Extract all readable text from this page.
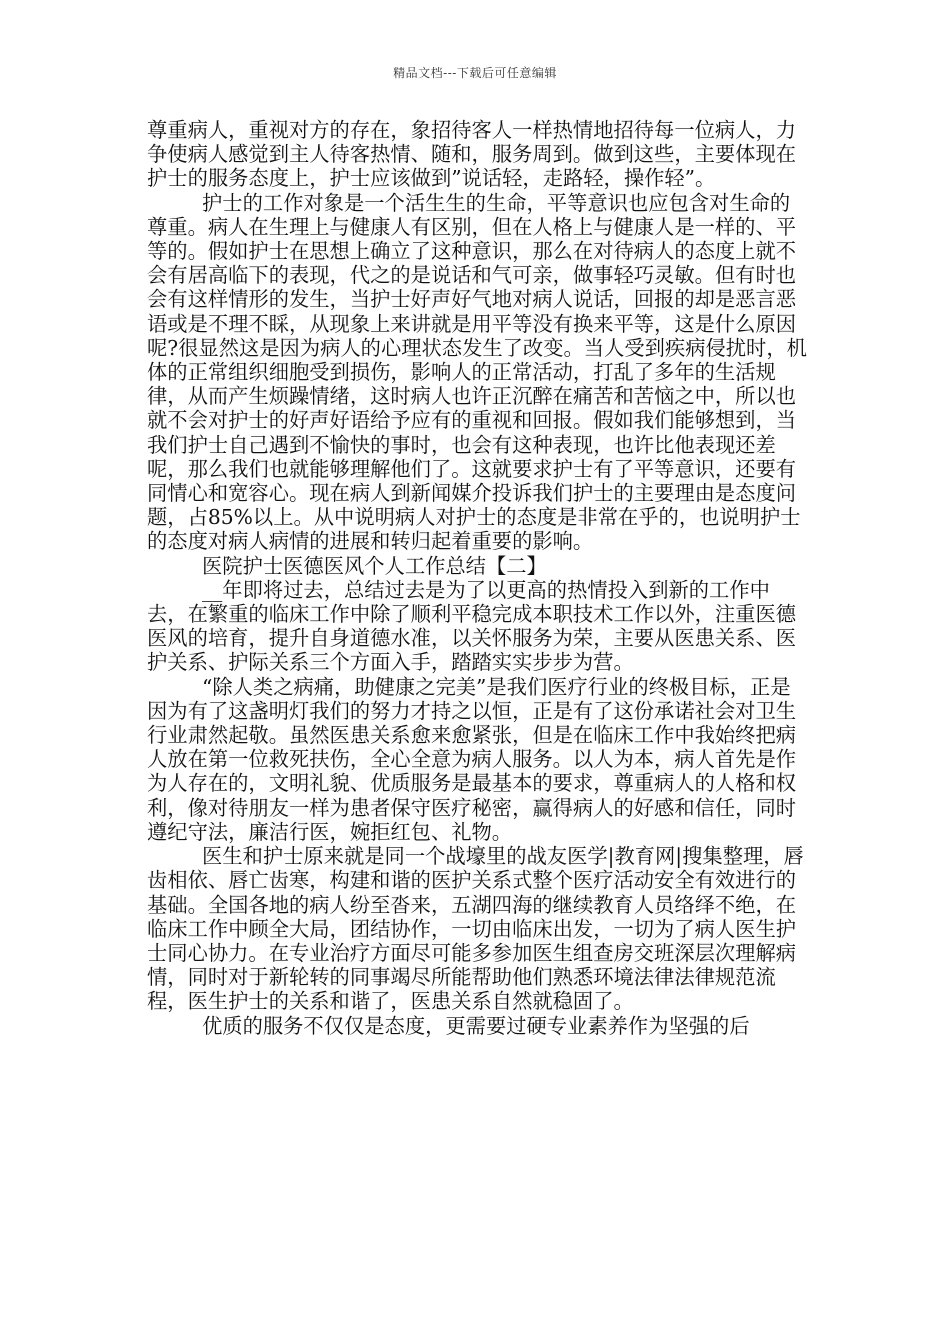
精品文档---下载后可任意编辑

尊重病人，重视对方的存在，象招待客人一样热情地招待每一位病人，力争使病人感觉到主人待客热情、随和，服务周到。做到这些，主要体现在护士的服务态度上，护士应该做到”说话轻，走路轻，操作轻”。

护士的工作对象是一个活生生的生命，平等意识也应包含对生命的尊重。病人在生理上与健康人有区别，但在人格上与健康人是一样的、平等的。假如护士在思想上确立了这种意识，那么在对待病人的态度上就不会有居高临下的表现，代之的是说话和气可亲，做事轻巧灵敏。但有时也会有这样情形的发生，当护士好声好气地对病人说话，回报的却是恶言恶语或是不理不睬，从现象上来讲就是用平等没有换来平等，这是什么原因呢?很显然这是因为病人的心理状态发生了改变。当人受到疾病侵扰时，机体的正常组织细胞受到损伤，影响人的正常活动，打乱了多年的生活规律，从而产生烦躁情绪，这时病人也许正沉醉在痛苦和苦恼之中，所以也就不会对护士的好声好语给予应有的重视和回报。假如我们能够想到，当我们护士自己遇到不愉快的事时，也会有这种表现，也许比他表现还差呢，那么我们也就能够理解他们了。这就要求护士有了平等意识，还要有同情心和宽容心。现在病人到新闻媒介投诉我们护士的主要理由是态度问题，占85%以上。从中说明病人对护士的态度是非常在乎的，也说明护士的态度对病人病情的进展和转归起着重要的影响。

医院护士医德医风个人工作总结【二】

__年即将过去，总结过去是为了以更高的热情投入到新的工作中去，在繁重的临床工作中除了顺利平稳完成本职技术工作以外，注重医德医风的培育，提升自身道德水准，以关怀服务为荣，主要从医患关系、医护关系、护际关系三个方面入手，踏踏实实步步为营。

“除人类之病痛，助健康之完美”是我们医疗行业的终极目标，正是因为有了这盏明灯我们的努力才持之以恒，正是有了这份承诺社会对卫生行业肃然起敬。虽然医患关系愈来愈紧张，但是在临床工作中我始终把病人放在第一位救死扶伤，全心全意为病人服务。以人为本，病人首先是作为人存在的，文明礼貌、优质服务是最基本的要求，尊重病人的人格和权利，像对待朋友一样为患者保守医疗秘密，赢得病人的好感和信任，同时遵纪守法，廉洁行医，婉拒红包、礼物。

医生和护士原来就是同一个战壕里的战友医学|教育网|搜集整理，唇齿相依、唇亡齿寒，构建和谐的医护关系式整个医疗活动安全有效进行的基础。全国各地的病人纷至沓来，五湖四海的继续教育人员络绎不绝，在临床工作中顾全大局，团结协作，一切由临床出发，一切为了病人医生护士同心协力。在专业治疗方面尽可能多参加医生组查房交班深层次理解病情，同时对于新轮转的同事竭尽所能帮助他们熟悉环境法律法律规范流程，医生护士的关系和谐了，医患关系自然就稳固了。

优质的服务不仅仅是态度，更需要过硬专业素养作为坚强的后
